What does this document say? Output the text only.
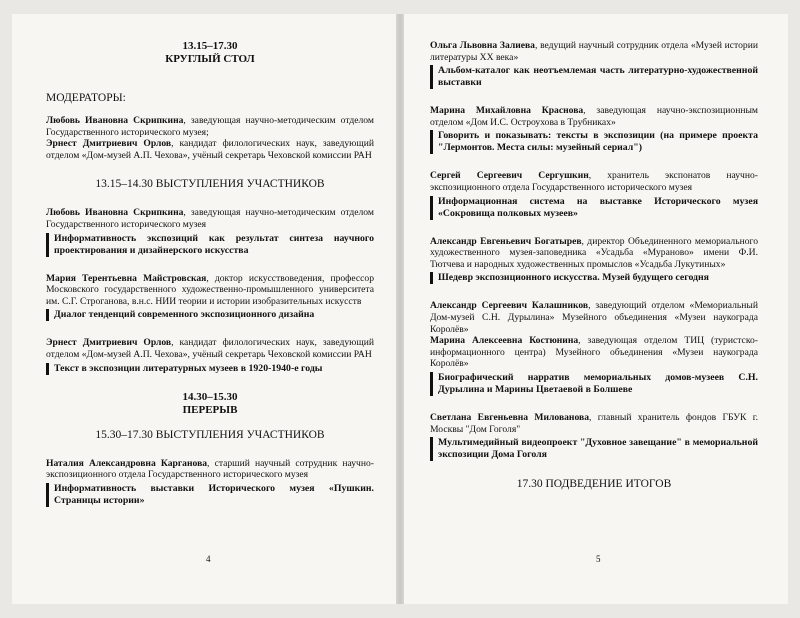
13.15–17.30
КРУГЛЫЙ СТОЛ
МОДЕРАТОРЫ:
Любовь Ивановна Скрипкина, заведующая научно-методическим отделом Государственного исторического музея;
Эрнест Дмитриевич Орлов, кандидат филологических наук, заведующий отделом «Дом-музей А.П. Чехова», учёный секретарь Чеховской комиссии РАН
13.15–14.30 ВЫСТУПЛЕНИЯ УЧАСТНИКОВ
Любовь Ивановна Скрипкина, заведующая научно-методическим отделом Государственного исторического музея
Информативность экспозиций как результат синтеза научного проектирования и дизайнерского искусства
Мария Терентьевна Майстровская, доктор искусствоведения, профессор Московского государственного художественно-промышленного университета им. С.Г. Строганова, в.н.с. НИИ теории и истории изобразительных искусств
Диалог тенденций современного экспозиционного дизайна
Эрнест Дмитриевич Орлов, кандидат филологических наук, заведующий отделом «Дом-музей А.П. Чехова», учёный секретарь Чеховской комиссии РАН
Текст в экспозиции литературных музеев в 1920-1940-е годы
14.30–15.30
ПЕРЕРЫВ
15.30–17.30 ВЫСТУПЛЕНИЯ УЧАСТНИКОВ
Наталия Александровна Карганова, старший научный сотрудник научно-экспозиционного отдела Государственного исторического музея
Информативность выставки Исторического музея «Пушкин. Страницы истории»
4
Ольга Львовна Залиева, ведущий научный сотрудник отдела «Музей истории литературы XX века»
Альбом-каталог как неотъемлемая часть литературно-художественной выставки
Марина Михайловна Краснова, заведующая научно-экспозиционным отделом «Дом И.С. Остроухова в Трубниках»
Говорить и показывать: тексты в экспозиции (на примере проекта "Лермонтов. Места силы: музейный сериал")
Сергей Сергеевич Сергушкин, хранитель экспонатов научно-экспозиционного отдела Государственного исторического музея
Информационная система на выставке Исторического музея «Сокровища полковых музеев»
Александр Евгеньевич Богатырев, директор Объединенного мемориального художественного музея-заповедника «Усадьба «Мураново» имени Ф.И. Тютчева и народных художественных промыслов «Усадьба Лукутиных»
Шедевр экспозиционного искусства. Музей будущего сегодня
Александр Сергеевич Калашников, заведующий отделом «Мемориальный Дом-музей С.Н. Дурылина» Музейного объединения «Музеи наукограда Королёв»
Марина Алексеевна Костюнина, заведующая отделом ТИЦ (туристско-информационного центра) Музейного объединения «Музеи наукограда Королёв»
Биографический нарратив мемориальных домов-музеев С.Н. Дурылина и Марины Цветаевой в Болшеве
Светлана Евгеньевна Милованова, главный хранитель фондов ГБУК г. Москвы "Дом Гоголя"
Мультимедийный видеопроект "Духовное завещание" в мемориальной экспозиции Дома Гоголя
17.30 ПОДВЕДЕНИЕ ИТОГОВ
5
